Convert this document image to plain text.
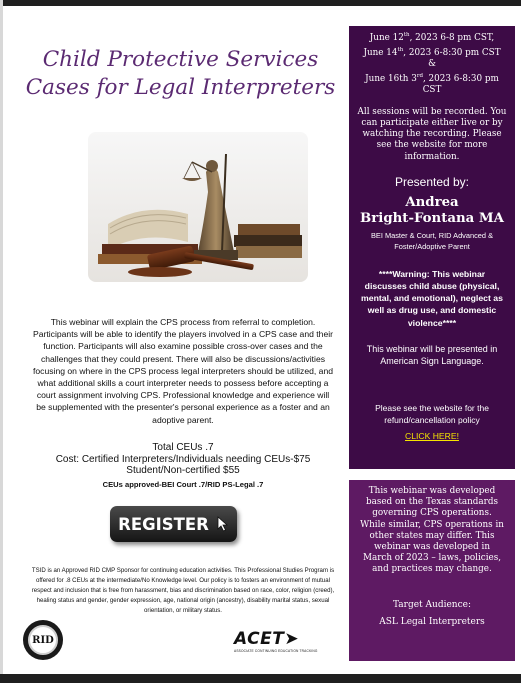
Child Protective Services
Cases for Legal Interpreters
This webinar will explain the CPS process from referral to completion. Participants will be able to identify the players involved in a CPS case and their function. Participants will also examine possible cross-over cases and the challenges that they could present. There will also be discussions/activities focusing on where in the CPS process legal interpreters should be utilized, and what additional skills a court interpreter needs to possess before accepting a court assignment involving CPS. Professional knowledge and experience will be supplemented with the presenter's personal experience as a foster and an adoptive parent.
Total CEUs .7
Cost: Certified Interpreters/Individuals needing CEUs-$75
Student/Non-certified $55
CEUs approved-BEI Court .7/RID PS-Legal .7
REGISTER
TSID is an Approved RID CMP Sponsor for continuing education activities. This Professional Studies Program is offered for .8 CEUs at the intermediate/No Knowledge level. Our policy is to fosters an environment of mutual respect and inclusion that is free from harassment, bias and discrimination based on race, color, religion (creed), healing status and gender, gender expression, age, national origin (ancestry), disability marital status, sexual orientation, or military status.
RID	ACET➤
ASSOCIATE CONTINUING EDUCATION TRACKING
June 12th, 2023 6-8 pm CST,
June 14th, 2023 6-8:30 pm CST
&
June 16th 3rd, 2023 6-8:30 pm
CST
All sessions will be recorded. You can participate either live or by watching the recording. Please see the website for more information.
Presented by:
Andrea
Bright-Fontana MA
BEI Master & Court, RID Advanced & Foster/Adoptive Parent
****Warning: This webinar discusses child abuse (physical, mental, and emotional), neglect as well as drug use, and domestic violence****
This webinar will be presented in American Sign Language.
Please see the website for the refund/cancellation policy
CLICK HERE!
This webinar was developed based on the Texas standards governing CPS operations. While similar, CPS operations in other states may differ. This webinar was developed in March of 2023 – laws, policies, and practices may change.
Target Audience:
ASL Legal Interpreters
